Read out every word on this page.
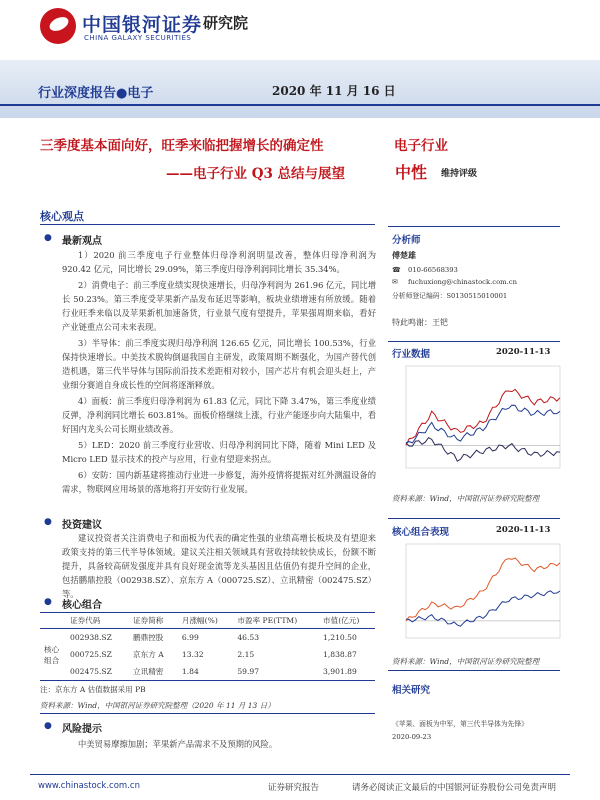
中国银河证券
CHINA GALAXY SECURITIES
研究院
行业深度报告●电子	2020 年 11 月 16 日
三季度基本面向好，旺季来临把握增长的确定性
——电子行业 Q3 总结与展望
电子行业
中性 维持评级
核心观点
● 最新观点

1）2020 前三季度电子行业整体归母净利润明显改善，整体归母净利润为 920.42 亿元，同比增长 29.09%，第三季度归母净利润同比增长 35.34%。

2）消费电子：前三季度业绩实现快速增长，归母净利润为 261.96 亿元，同比增长 50.23%。第三季度受苹果新产品发布延迟等影响，板块业绩增速有所放缓。随着行业旺季来临以及苹果新机加速备货，行业景气度有望提升，苹果强周期来临，看好产业链重点公司未来表现。

3）半导体：前三季度实现归母净利润 126.65 亿元，同比增长 100.53%，行业保持快速增长。中美技术脱钩倒逼我国自主研发，政策周期不断强化，为国产替代创造机遇，第三代半导体与国际前沿技术差距相对较小，国产芯片有机会迎头赶上，产业细分赛道自身成长性的空间将逐渐释放。

4）面板：前三季度归母净利润为 61.83 亿元，同比下降 3.47%，第三季度业绩反弹，净利润同比增长 603.81%。面板价格继续上涨，行业产能逐步向大陆集中，看好国内龙头公司长期业绩改善。

5）LED：2020 前三季度行业营收、归母净利润同比下降，随着 Mini LED 及 Micro LED 显示技术的投产与应用，行业有望迎来拐点。

6）安防：国内新基建将推动行业进一步修复，海外疫情将提振对红外测温设备的需求，物联网应用场景的落地将打开安防行业发展。

● 投资建议

建议投资者关注消费电子和面板为代表的确定性强的业绩高增长板块及有望迎来政策支持的第三代半导体领域。建议关注相关领域具有营收持续较快成长，份额不断提升，具备较高研发强度并具有良好现金流等龙头基因且估值仍有提升空间的企业，包括鹏鼎控股（002938.SZ）、京东方 A（000725.SZ）、立讯精密（002475.SZ）等。

● 核心组合
	证券代码	证券简称	月涨幅(%)	市盈率 PE(TTM)	市值(亿元)
核心组合	002938.SZ	鹏鼎控股	6.99	46.53	1,210.50
	000725.SZ	京东方 A	13.32	2.15	1,838.87
	002475.SZ	立讯精密	1.84	59.97	3,901.89
注：京东方 A 估值数据采用 PB
资料来源：Wind，中国银河证券研究院整理（2020 年 11 月 13 日）
● 风险提示
中美贸易摩擦加剧；苹果新产品需求不及预期的风险。
分析师
傅楚雄
☎ 010-66568393
✉ fuchuxiong@chinastock.com.cn
分析师登记编码：S0130515010001
特此鸣谢：王钯
行业数据	2020-11-13
资料来源：Wind，中国银河证券研究院整理
核心组合表现	2020-11-13
资料来源：Wind，中国银河证券研究院整理
相关研究
《苹果、面板为中军，第三代半导体为先锋》
2020-09-23
www.chinastock.com.cn	证券研究报告	请务必阅读正文最后的中国银河证券股份公司免责声明
